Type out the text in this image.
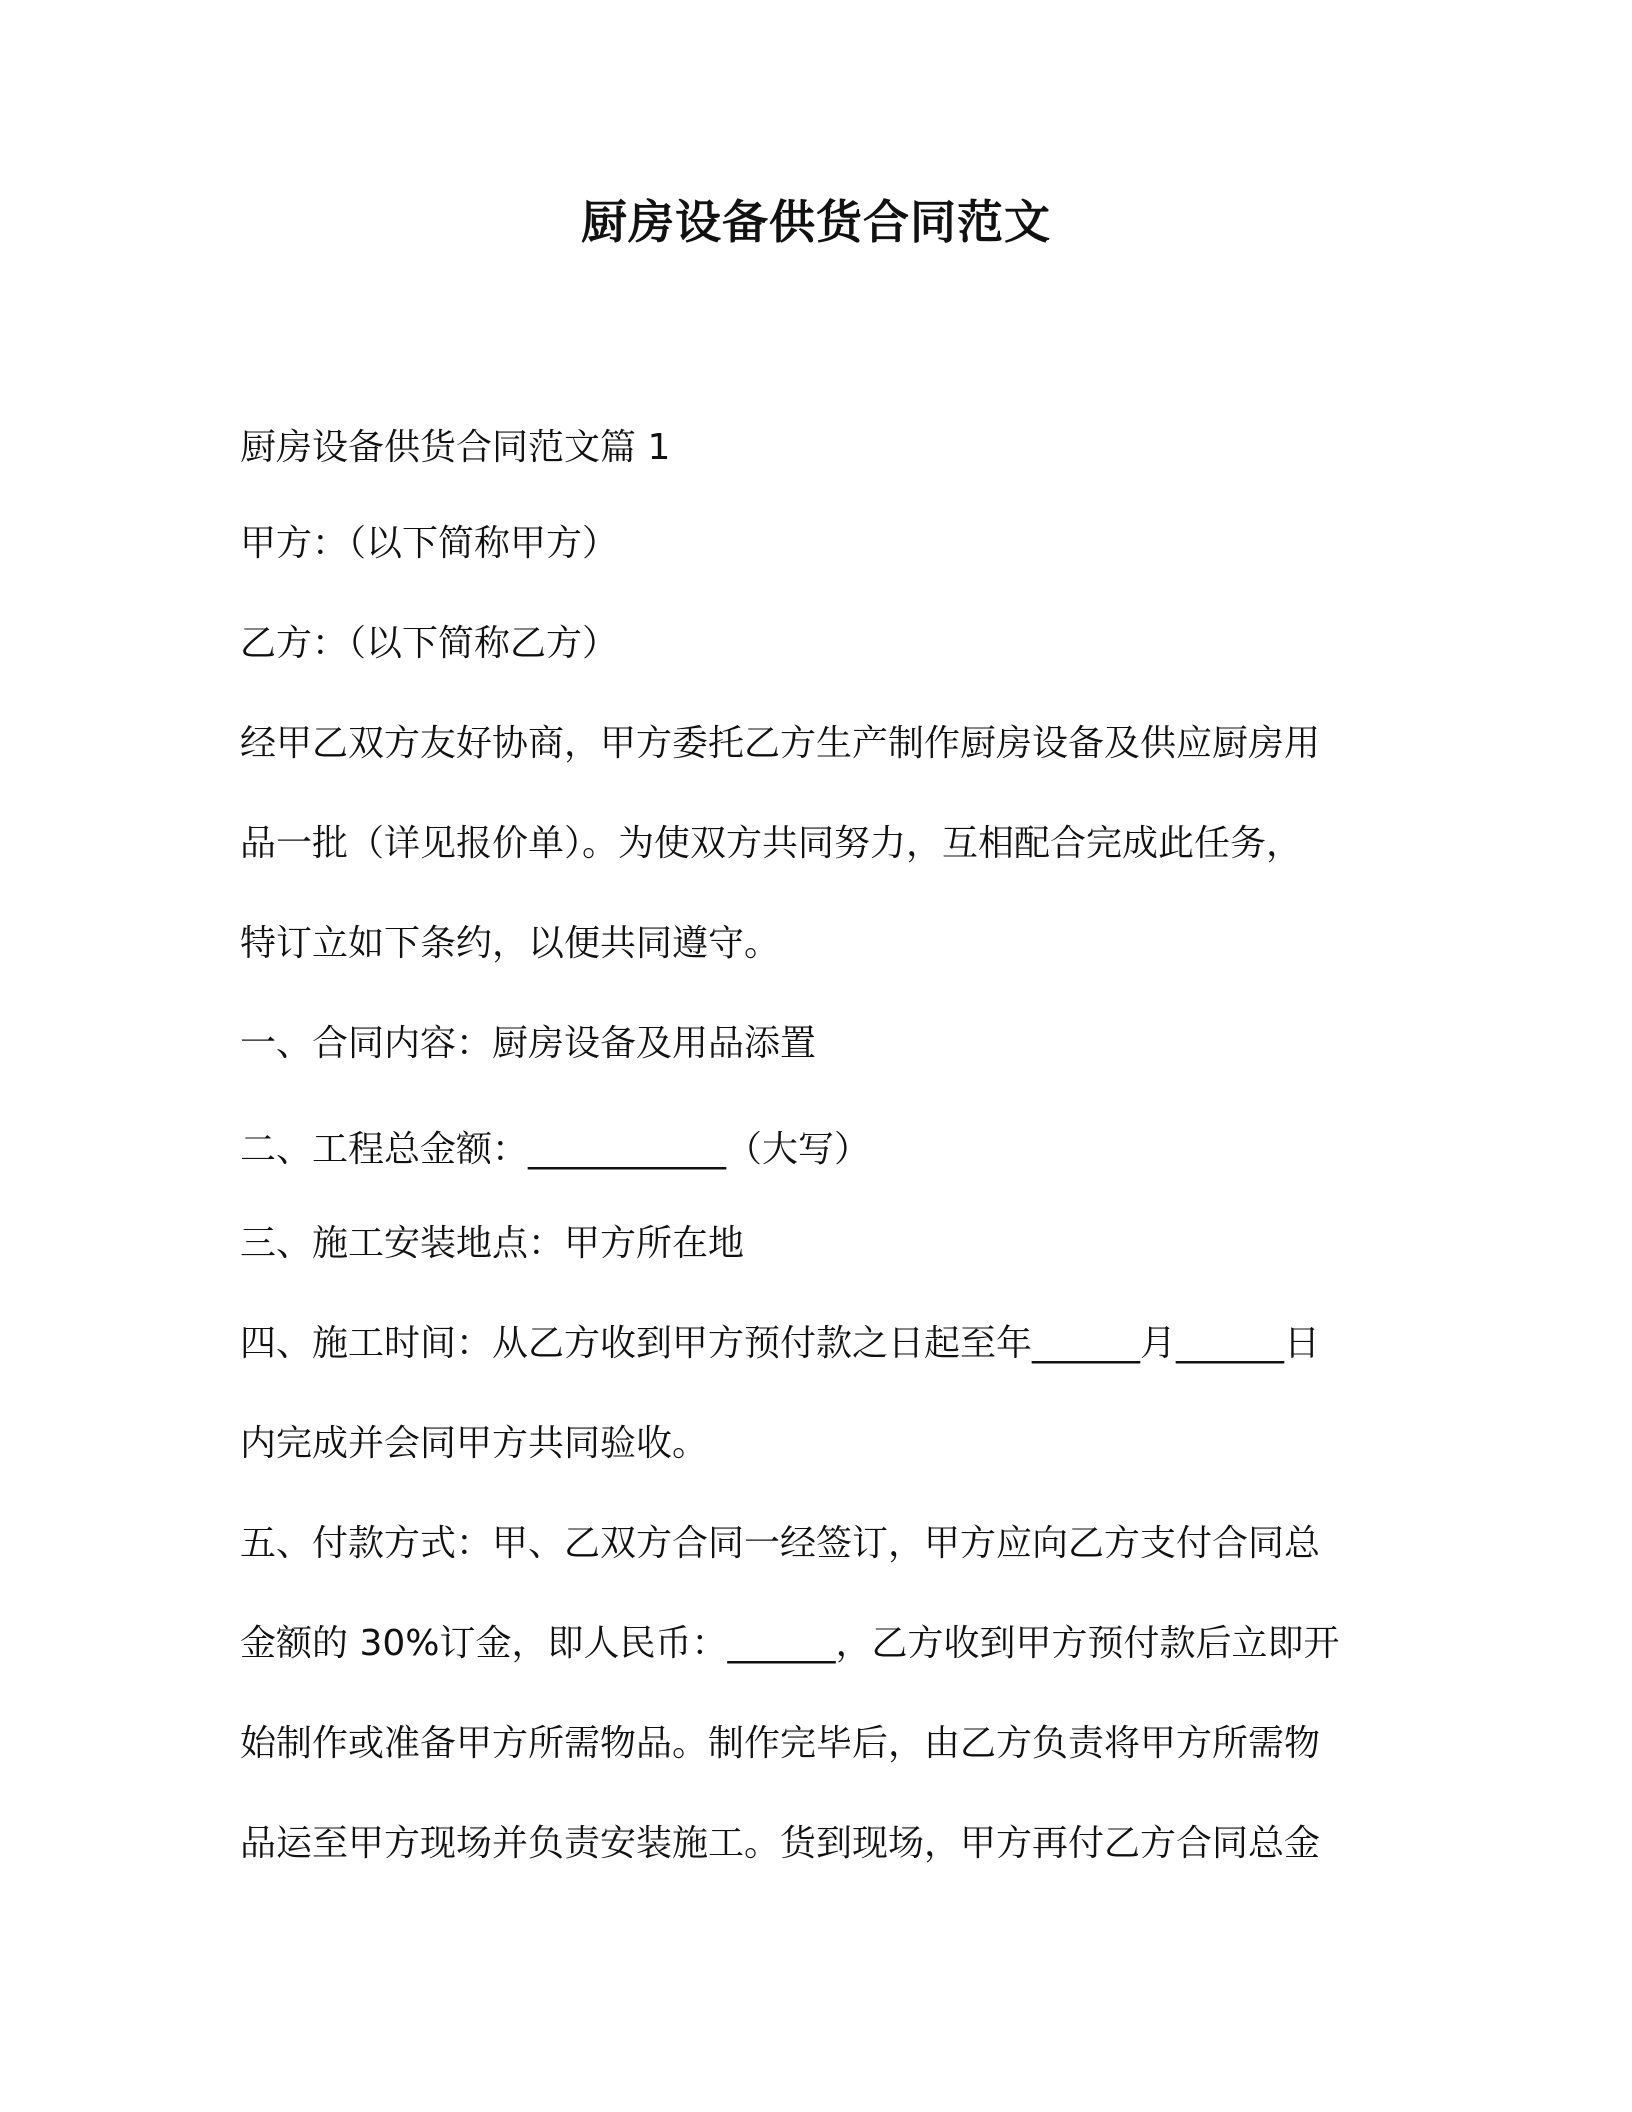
厨房设备供货合同范文
厨房设备供货合同范文篇 1
甲方：（以下简称甲方）
乙方：（以下简称乙方）
经甲乙双方友好协商，甲方委托乙方生产制作厨房设备及供应厨房用
品一批（详见报价单）。为使双方共同努力，互相配合完成此任务，
特订立如下条约，以便共同遵守。
一、合同内容：厨房设备及用品添置
二、工程总金额：___________（大写）
三、施工安装地点：甲方所在地
四、施工时间：从乙方收到甲方预付款之日起至年______月______日
内完成并会同甲方共同验收。
五、付款方式：甲、乙双方合同一经签订，甲方应向乙方支付合同总
金额的 30%订金，即人民币：______，乙方收到甲方预付款后立即开
始制作或准备甲方所需物品。制作完毕后，由乙方负责将甲方所需物
品运至甲方现场并负责安装施工。货到现场，甲方再付乙方合同总金
